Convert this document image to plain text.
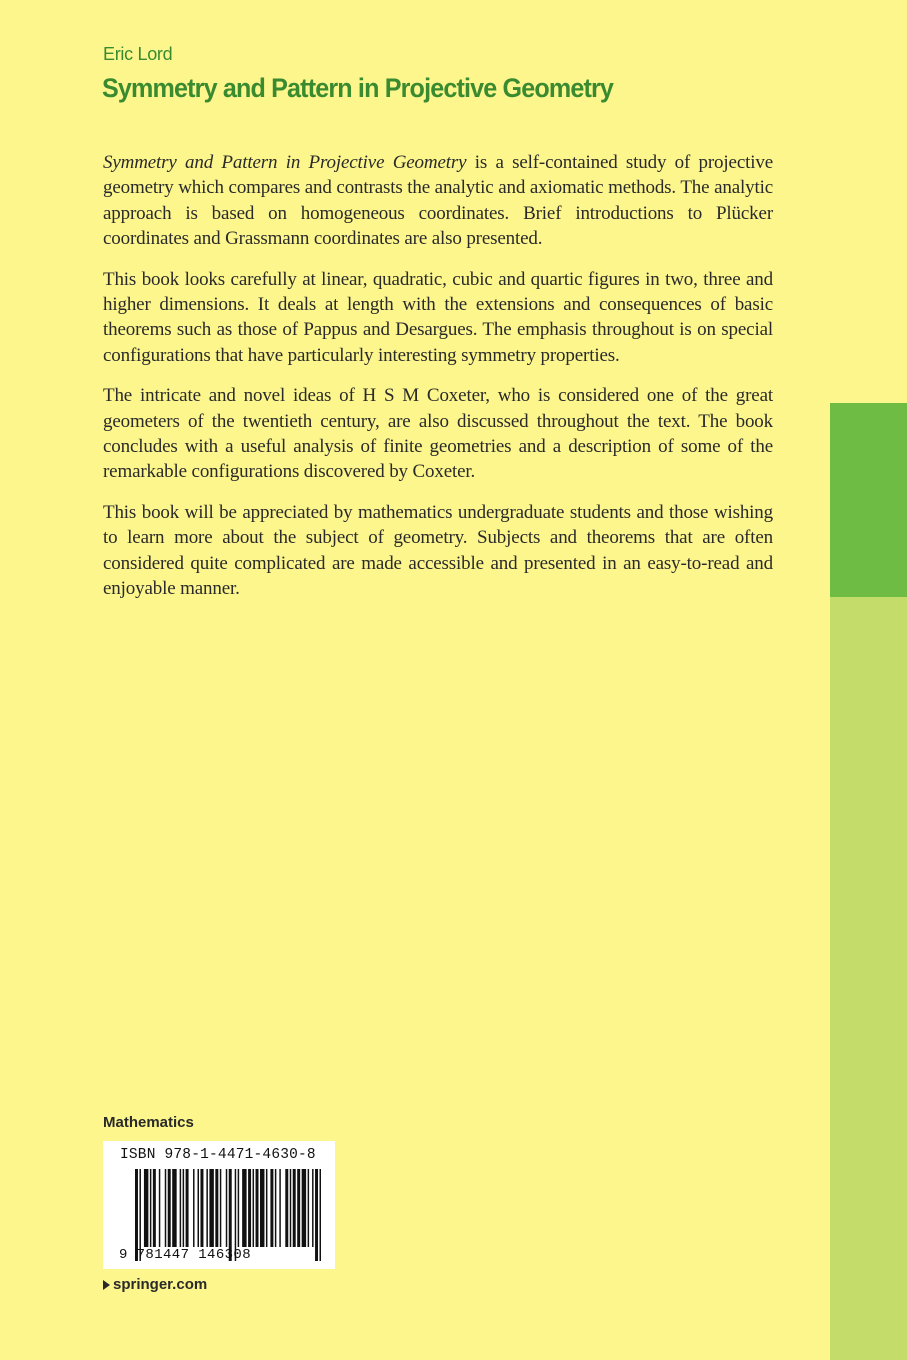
Eric Lord
Symmetry and Pattern in Projective Geometry

Symmetry and Pattern in Projective Geometry is a self-contained study of projective geometry which compares and contrasts the analytic and axiomatic methods. The analytic approach is based on homogeneous coordinates. Brief introductions to Plücker coordinates and Grassmann coordinates are also presented.

This book looks carefully at linear, quadratic, cubic and quartic figures in two, three and higher dimensions. It deals at length with the extensions and consequences of basic theorems such as those of Pappus and Desargues. The emphasis throughout is on special configurations that have particularly interesting symmetry properties.

The intricate and novel ideas of H S M Coxeter, who is considered one of the great geometers of the twentieth century, are also discussed throughout the text. The book concludes with a useful analysis of finite geometries and a description of some of the remarkable configurations discovered by Coxeter.

This book will be appreciated by mathematics undergraduate students and those wishing to learn more about the subject of geometry. Subjects and theorems that are often considered quite complicated are made accessible and presented in an easy-to-read and enjoyable manner.

Mathematics
ISBN 978-1-4471-4630-8
9 781447 146308
springer.com
